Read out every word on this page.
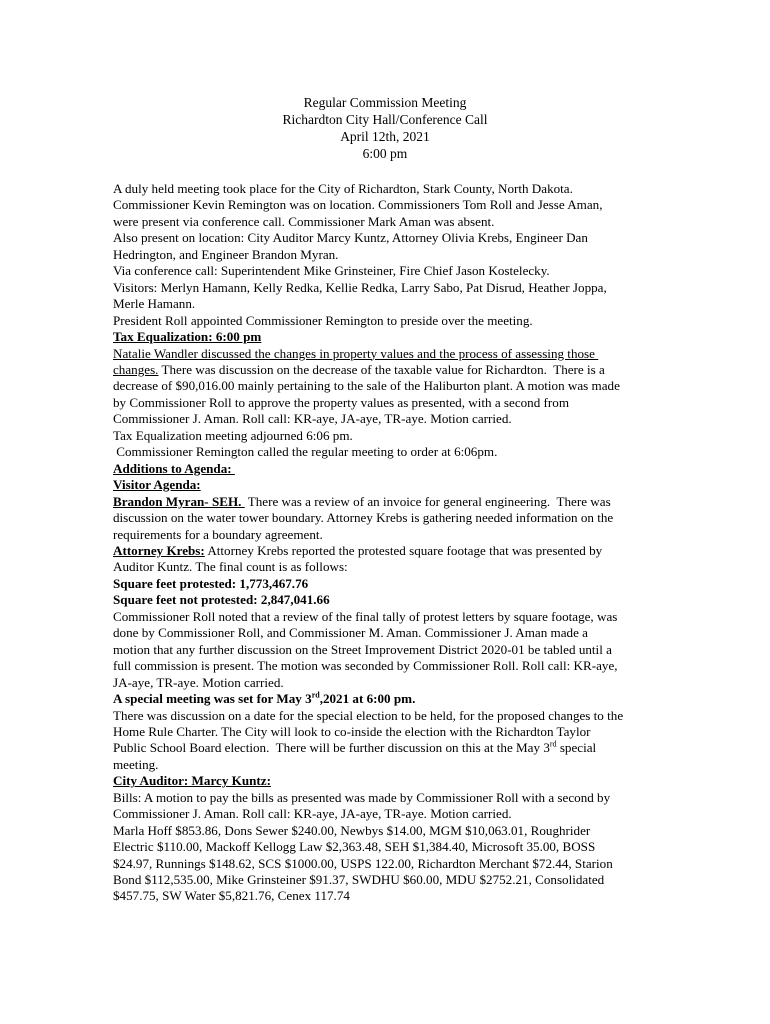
Regular Commission Meeting
Richardton City Hall/Conference Call
April 12th, 2021
6:00 pm
A duly held meeting took place for the City of Richardton, Stark County, North Dakota.
Commissioner Kevin Remington was on location. Commissioners Tom Roll and Jesse Aman,
were present via conference call. Commissioner Mark Aman was absent.
Also present on location: City Auditor Marcy Kuntz, Attorney Olivia Krebs, Engineer Dan
Hedrington, and Engineer Brandon Myran.
Via conference call: Superintendent Mike Grinsteiner, Fire Chief Jason Kostelecky.
Visitors: Merlyn Hamann, Kelly Redka, Kellie Redka, Larry Sabo, Pat Disrud, Heather Joppa,
Merle Hamann.
President Roll appointed Commissioner Remington to preside over the meeting.
Tax Equalization: 6:00 pm
Natalie Wandler discussed the changes in property values and the process of assessing those
changes. There was discussion on the decrease of the taxable value for Richardton.  There is a
decrease of $90,016.00 mainly pertaining to the sale of the Haliburton plant. A motion was made
by Commissioner Roll to approve the property values as presented, with a second from
Commissioner J. Aman. Roll call: KR-aye, JA-aye, TR-aye. Motion carried.
Tax Equalization meeting adjourned 6:06 pm.
Commissioner Remington called the regular meeting to order at 6:06pm.
Additions to Agenda:
Visitor Agenda:
Brandon Myran- SEH.  There was a review of an invoice for general engineering.  There was
discussion on the water tower boundary. Attorney Krebs is gathering needed information on the
requirements for a boundary agreement.
Attorney Krebs: Attorney Krebs reported the protested square footage that was presented by
Auditor Kuntz. The final count is as follows:
Square feet protested: 1,773,467.76
Square feet not protested: 2,847,041.66
Commissioner Roll noted that a review of the final tally of protest letters by square footage, was
done by Commissioner Roll, and Commissioner M. Aman. Commissioner J. Aman made a
motion that any further discussion on the Street Improvement District 2020-01 be tabled until a
full commission is present. The motion was seconded by Commissioner Roll. Roll call: KR-aye,
JA-aye, TR-aye. Motion carried.
A special meeting was set for May 3rd,2021 at 6:00 pm.
There was discussion on a date for the special election to be held, for the proposed changes to the
Home Rule Charter. The City will look to co-inside the election with the Richardton Taylor
Public School Board election.  There will be further discussion on this at the May 3rd special
meeting.
City Auditor: Marcy Kuntz:
Bills: A motion to pay the bills as presented was made by Commissioner Roll with a second by
Commissioner J. Aman. Roll call: KR-aye, JA-aye, TR-aye. Motion carried.
Marla Hoff $853.86, Dons Sewer $240.00, Newbys $14.00, MGM $10,063.01, Roughrider
Electric $110.00, Mackoff Kellogg Law $2,363.48, SEH $1,384.40, Microsoft 35.00, BOSS
$24.97, Runnings $148.62, SCS $1000.00, USPS 122.00, Richardton Merchant $72.44, Starion
Bond $112,535.00, Mike Grinsteiner $91.37, SWDHU $60.00, MDU $2752.21, Consolidated
$457.75, SW Water $5,821.76, Cenex 117.74
